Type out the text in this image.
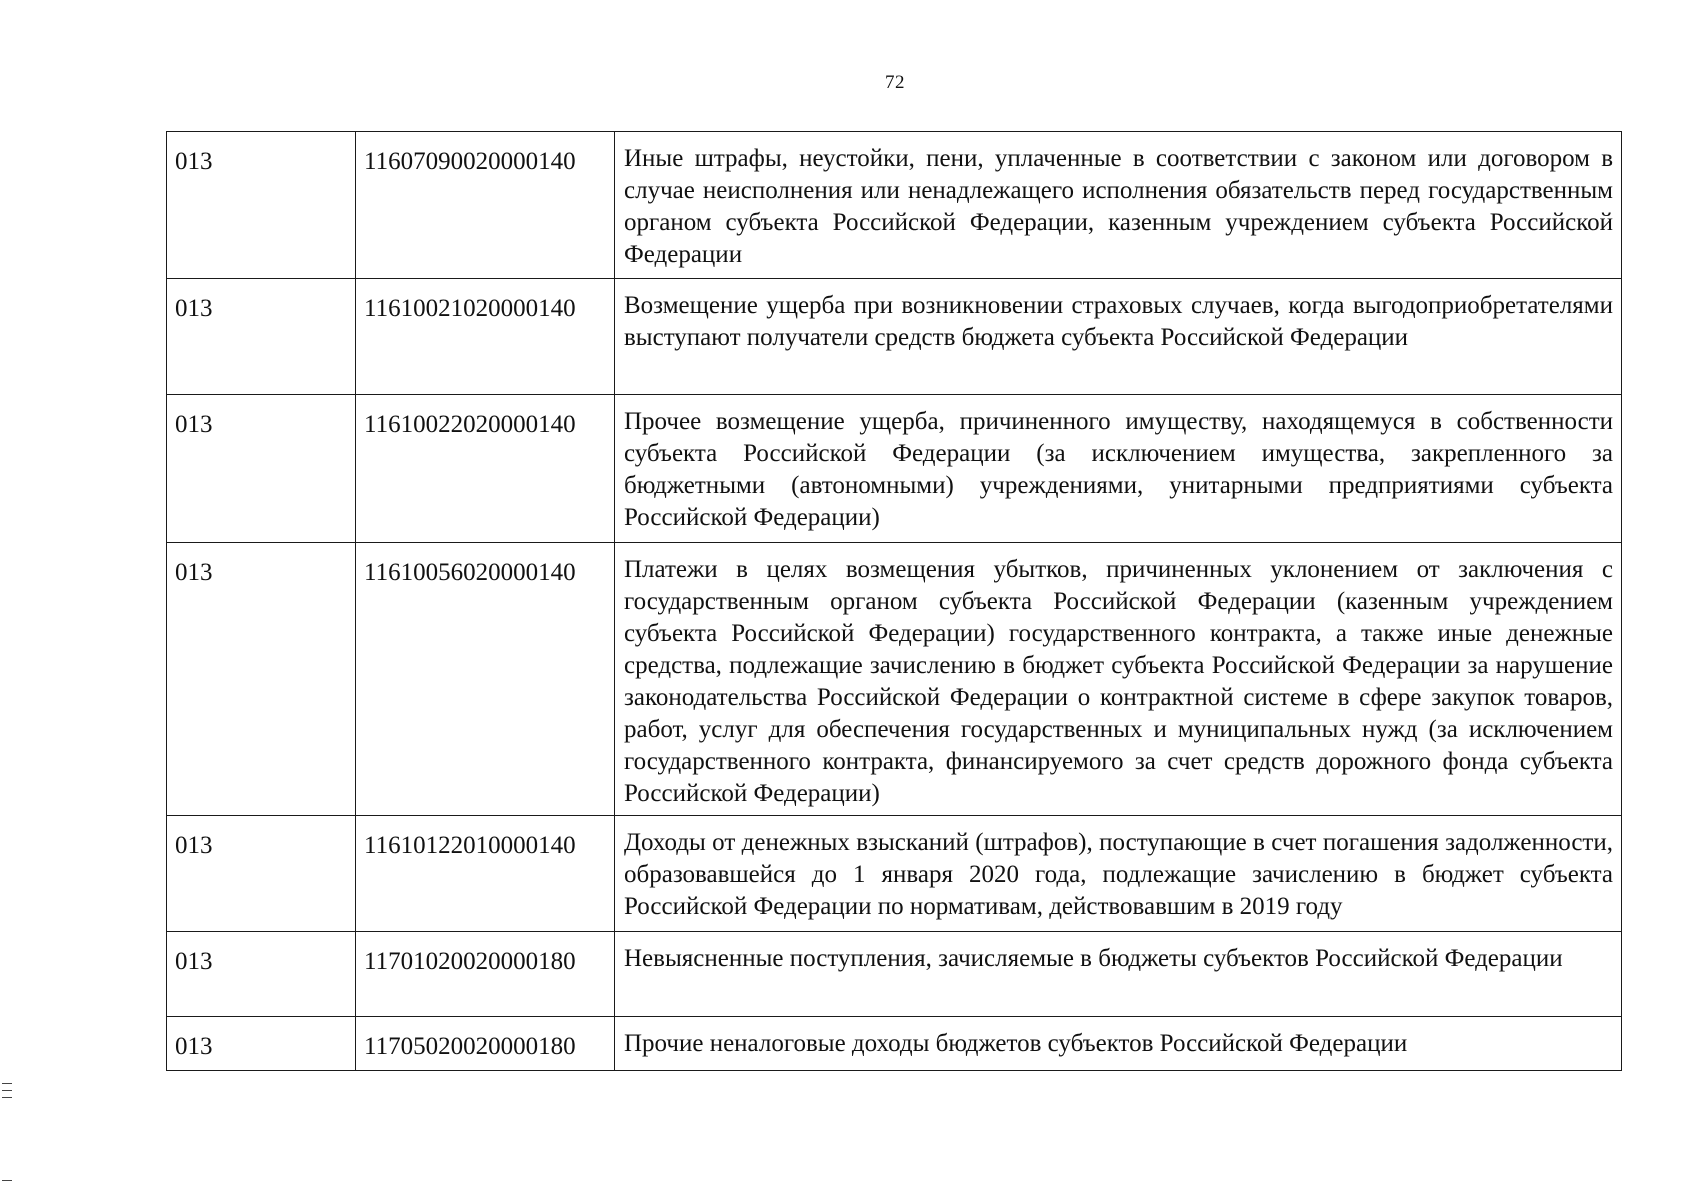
72
013	11607090020000140	Иные штрафы, неустойки, пени, уплаченные в соответствии с законом или договором в случае неисполнения или ненадлежащего исполнения обязательств перед государственным органом субъекта Российской Федерации, казенным учреждением субъекта Российской Федерации
013	11610021020000140	Возмещение ущерба при возникновении страховых случаев, когда выгодоприобретателями выступают получатели средств бюджета субъекта Российской Федерации
013	11610022020000140	Прочее возмещение ущерба, причиненного имуществу, находящемуся в собственности субъекта Российской Федерации (за исключением имущества, закрепленного за бюджетными (автономными) учреждениями, унитарными предприятиями субъекта Российской Федерации)
013	11610056020000140	Платежи в целях возмещения убытков, причиненных уклонением от заключения с государственным органом субъекта Российской Федерации (казенным учреждением субъекта Российской Федерации) государственного контракта, а также иные денежные средства, подлежащие зачислению в бюджет субъекта Российской Федерации за нарушение законодательства Российской Федерации о контрактной системе в сфере закупок товаров, работ, услуг для обеспечения государственных и муниципальных нужд (за исключением государственного контракта, финансируемого за счет средств дорожного фонда субъекта Российской Федерации)
013	11610122010000140	Доходы от денежных взысканий (штрафов), поступающие в счет погашения задолженности, образовавшейся до 1 января 2020 года, подлежащие зачислению в бюджет субъекта Российской Федерации по нормативам, действовавшим в 2019 году
013	11701020020000180	Невыясненные поступления, зачисляемые в бюджеты субъектов Российской Федерации
013	11705020020000180	Прочие неналоговые доходы бюджетов субъектов Российской Федерации
